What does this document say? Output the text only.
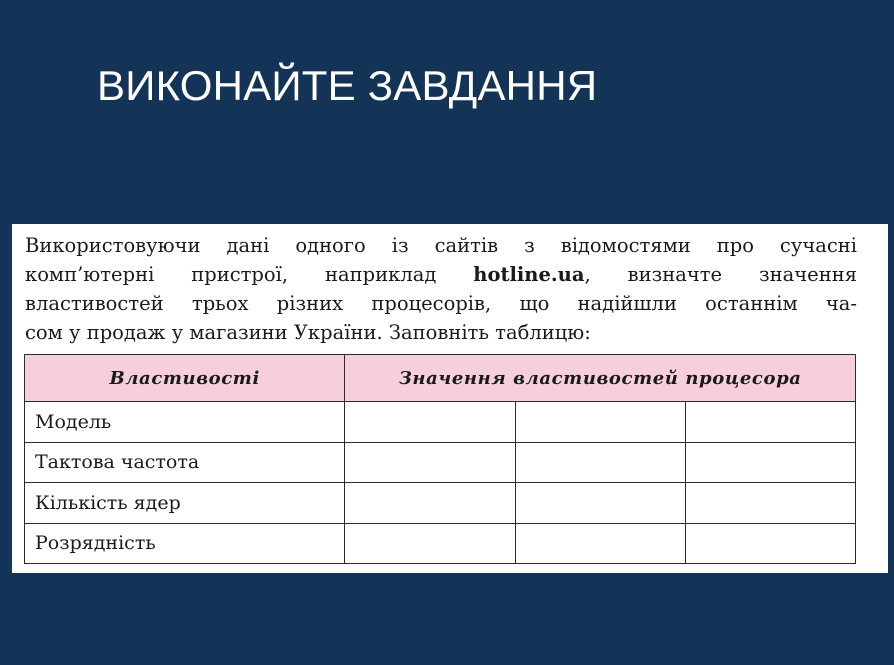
ВИКОНАЙТЕ ЗАВДАННЯ

Використовуючи дані одного із сайтів з відомостями про сучасні
комп’ютерні пристрої, наприклад hotline.ua, визначте значення
властивостей трьох різних процесорів, що надійшли останнім ча-
сом у продаж у магазини України. Заповніть таблицю:

Властивості	Значення властивостей процесора		
Модель			
Тактова частота			
Кількість ядер			
Розрядність			
